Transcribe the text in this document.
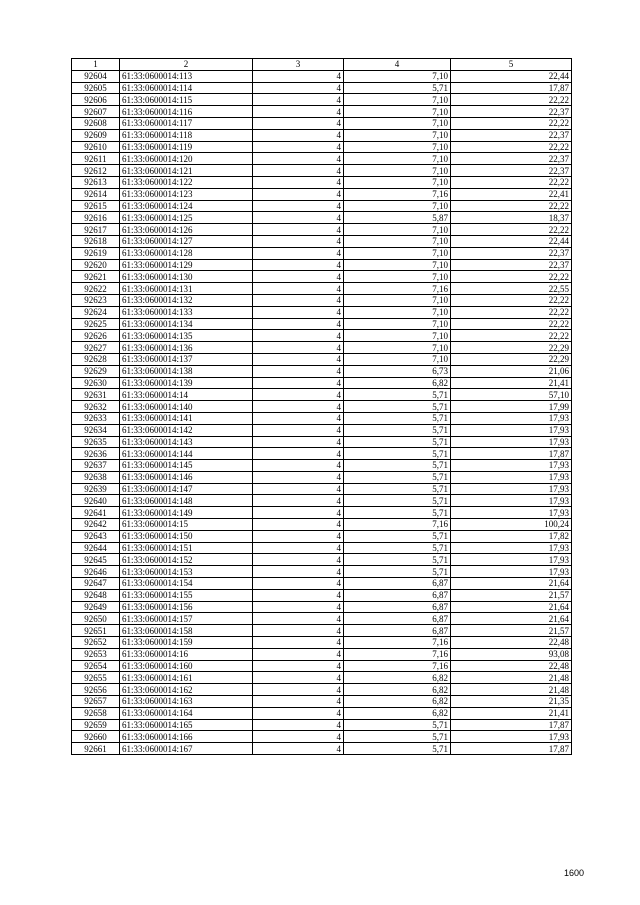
1	2	3	4	5
92604	61:33:0600014:113	4	7,10	22,44
92605	61:33:0600014:114	4	5,71	17,87
92606	61:33:0600014:115	4	7,10	22,22
92607	61:33:0600014:116	4	7,10	22,37
92608	61:33:0600014:117	4	7,10	22,22
92609	61:33:0600014:118	4	7,10	22,37
92610	61:33:0600014:119	4	7,10	22,22
92611	61:33:0600014:120	4	7,10	22,37
92612	61:33:0600014:121	4	7,10	22,37
92613	61:33:0600014:122	4	7,10	22,22
92614	61:33:0600014:123	4	7,16	22,41
92615	61:33:0600014:124	4	7,10	22,22
92616	61:33:0600014:125	4	5,87	18,37
92617	61:33:0600014:126	4	7,10	22,22
92618	61:33:0600014:127	4	7,10	22,44
92619	61:33:0600014:128	4	7,10	22,37
92620	61:33:0600014:129	4	7,10	22,37
92621	61:33:0600014:130	4	7,10	22,22
92622	61:33:0600014:131	4	7,16	22,55
92623	61:33:0600014:132	4	7,10	22,22
92624	61:33:0600014:133	4	7,10	22,22
92625	61:33:0600014:134	4	7,10	22,22
92626	61:33:0600014:135	4	7,10	22,22
92627	61:33:0600014:136	4	7,10	22,29
92628	61:33:0600014:137	4	7,10	22,29
92629	61:33:0600014:138	4	6,73	21,06
92630	61:33:0600014:139	4	6,82	21,41
92631	61:33:0600014:14	4	5,71	57,10
92632	61:33:0600014:140	4	5,71	17,99
92633	61:33:0600014:141	4	5,71	17,93
92634	61:33:0600014:142	4	5,71	17,93
92635	61:33:0600014:143	4	5,71	17,93
92636	61:33:0600014:144	4	5,71	17,87
92637	61:33:0600014:145	4	5,71	17,93
92638	61:33:0600014:146	4	5,71	17,93
92639	61:33:0600014:147	4	5,71	17,93
92640	61:33:0600014:148	4	5,71	17,93
92641	61:33:0600014:149	4	5,71	17,93
92642	61:33:0600014:15	4	7,16	100,24
92643	61:33:0600014:150	4	5,71	17,82
92644	61:33:0600014:151	4	5,71	17,93
92645	61:33:0600014:152	4	5,71	17,93
92646	61:33:0600014:153	4	5,71	17,93
92647	61:33:0600014:154	4	6,87	21,64
92648	61:33:0600014:155	4	6,87	21,57
92649	61:33:0600014:156	4	6,87	21,64
92650	61:33:0600014:157	4	6,87	21,64
92651	61:33:0600014:158	4	6,87	21,57
92652	61:33:0600014:159	4	7,16	22,48
92653	61:33:0600014:16	4	7,16	93,08
92654	61:33:0600014:160	4	7,16	22,48
92655	61:33:0600014:161	4	6,82	21,48
92656	61:33:0600014:162	4	6,82	21,48
92657	61:33:0600014:163	4	6,82	21,35
92658	61:33:0600014:164	4	6,82	21,41
92659	61:33:0600014:165	4	5,71	17,87
92660	61:33:0600014:166	4	5,71	17,93
92661	61:33:0600014:167	4	5,71	17,87
1600
